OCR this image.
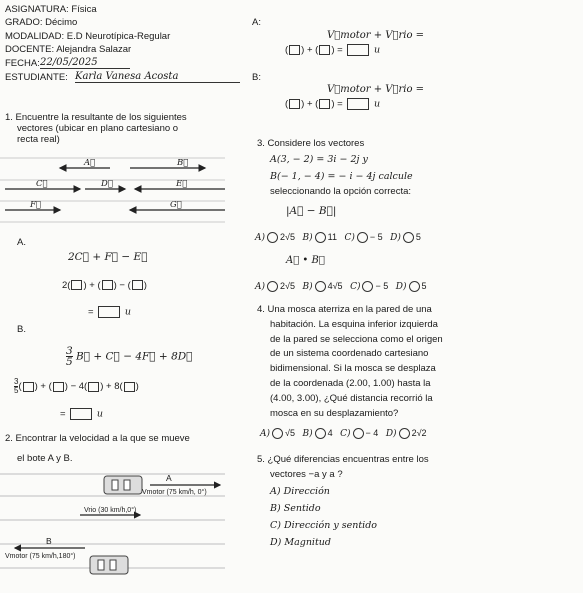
ASIGNATURA: Física
GRADO: Décimo
MODALIDAD: E.D Neurotípica-Regular
DOCENTE: Alejandra Salazar
FECHA: 22/05/2025
ESTUDIANTE: Karla Vanesa Acosta
A:
V⃗motor + V⃗rio =
( ) + ( ) =	u
B:
V⃗motor + V⃗rio =
( ) + ( ) =	u
1. Encuentre la resultante de los siguientes
vectores (ubicar en plano cartesiano o
recta real)
A⃗	B⃗
C⃗	D⃗	E⃗
F⃗	G⃗
A.
2C⃗ + F⃗ − E⃗
2( ) + ( ) − ( )
=	u
B.
$\frac{3}{5}$ B⃗ + C⃗ − 4F⃗ + 8D⃗
$\frac{3}{5}$ ( ) + ( ) − 4( ) + 8( )
=	u
2. Encontrar la velocidad a la que se mueve
el bote A y B.
A
Vmotor (75 km/h, 0°)
Vrio (30 km/h,0°)
B
Vmotor (75 km/h,180°)
3. Considere los vectores
A(3, − 2) = 3i − 2j y
B(− 1, − 4) = − i − 4j calcule
seleccionando la opción correcta:
|A⃗ − B⃗|
A) 2√5 B) 11 C) − 5 D) 5
A⃗ • B⃗
A) 2√5 B) 4√5 C) − 5 D) 5
4. Una mosca aterriza en la pared de una
habitación. La esquina inferior izquierda
de la pared se selecciona como el origen
de un sistema coordenado cartesiano
bidimensional. Si la mosca se desplaza
de la coordenada (2.00, 1.00) hasta la
(4.00, 3.00), ¿Qué distancia recorrió la
mosca en su desplazamiento?
A) √5 B) 4 C) − 4 D) 2√2
5. ¿Qué diferencias encuentras entre los
vectores −a y a ?
A) Dirección
B) Sentido
C) Dirección y sentido
D) Magnitud
